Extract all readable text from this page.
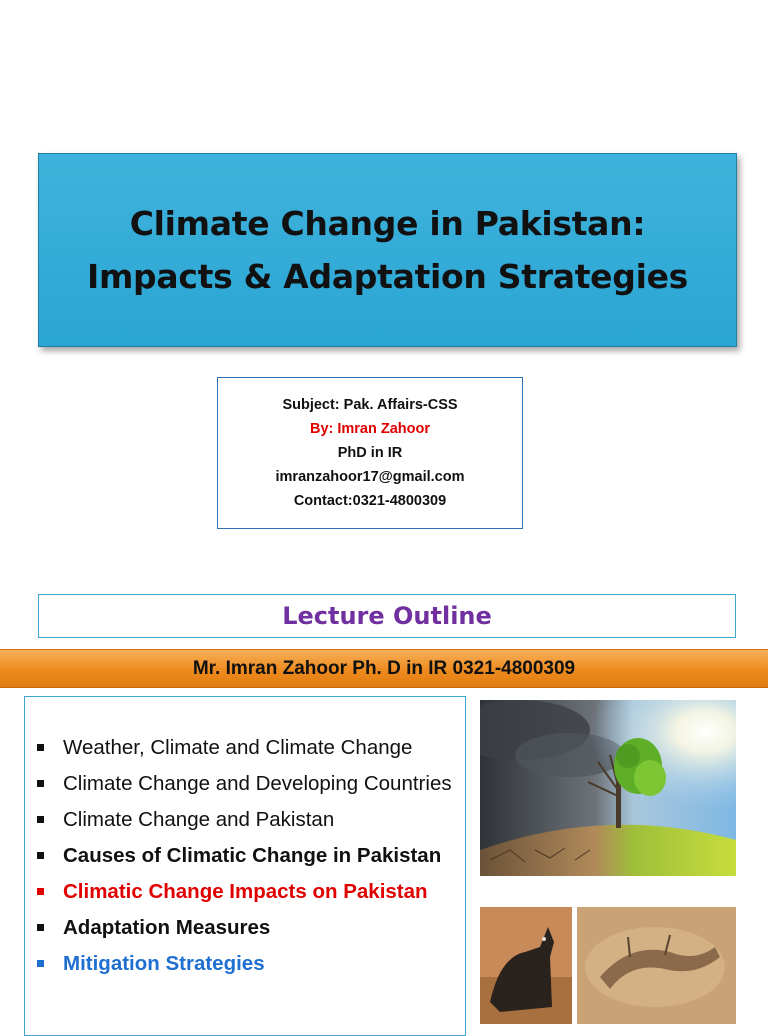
Climate Change in Pakistan:
Impacts & Adaptation Strategies
Subject: Pak. Affairs-CSS
By: Imran Zahoor
PhD in IR
imranzahoor17@gmail.com
Contact:0321-4800309
Lecture Outline
Mr. Imran Zahoor Ph. D in IR 0321-4800309
Weather, Climate and Climate Change
Climate Change and Developing Countries
Climate Change and Pakistan
Causes of Climatic Change in Pakistan
Climatic Change Impacts on Pakistan
Adaptation Measures
Mitigation Strategies
